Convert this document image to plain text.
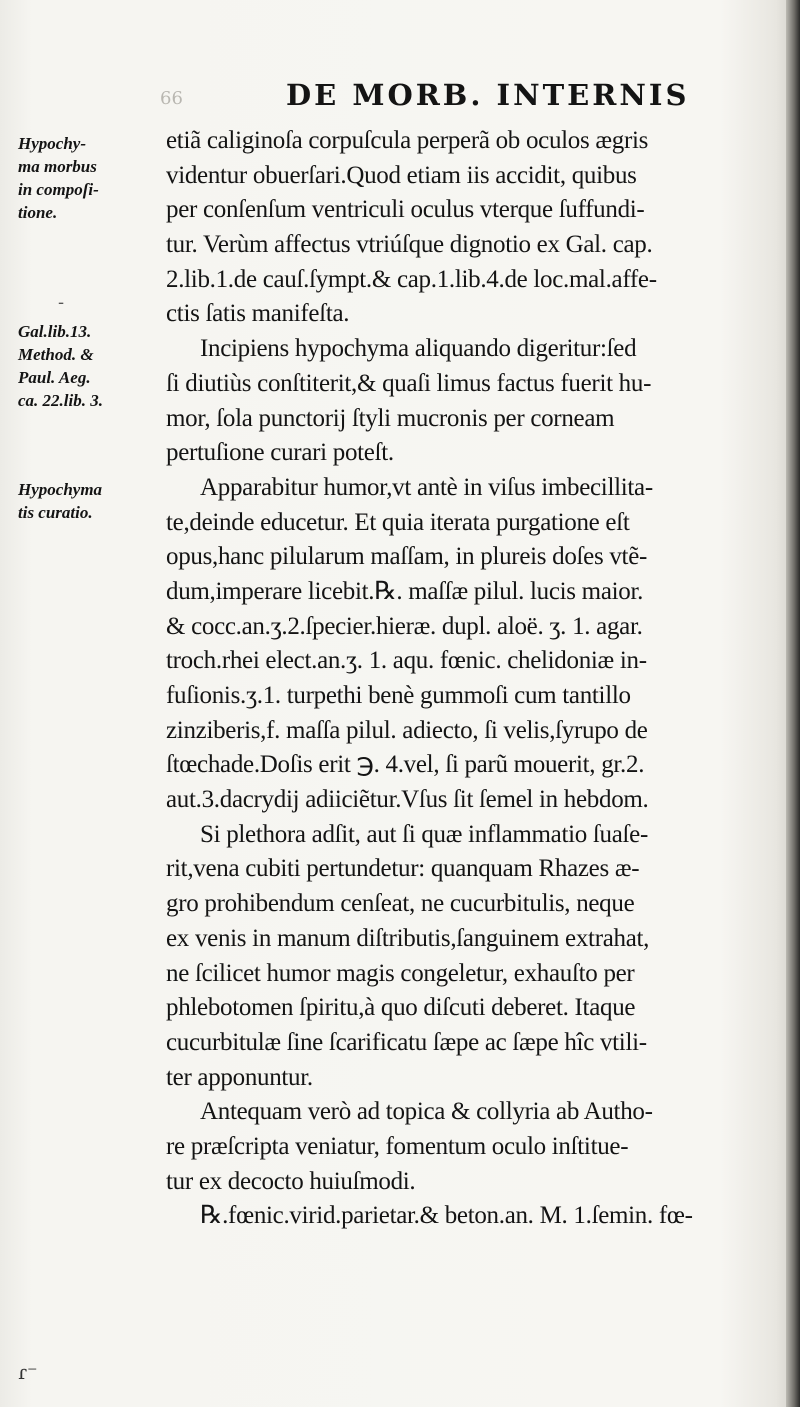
66	DE MORB. INTERNIS
Hypochy-
ma morbus
in compoſi-
tione.
Gal.lib.13.
Method. &
Paul. Aeg.
ca. 22.lib. 3.
Hypochyma
tis curatio.
-
etiã caliginoſa corpuſcula perperã ob oculos ægris
videntur obuerſari.Quod etiam iis accidit, quibus
per conſenſum ventriculi oculus vterque ſuffundi-
tur. Verùm affectus vtriúſque dignotio ex Gal. cap.
2.lib.1.de cauſ.ſympt.& cap.1.lib.4.de loc.mal.affe-
ctis ſatis manifeſta.
Incipiens hypochyma aliquando digeritur:ſed
ſi diutiùs conſtiterit,& quaſi limus factus fuerit hu-
mor, ſola punctorij ſtyli mucronis per corneam
pertuſione curari poteſt.
Apparabitur humor,vt antè in viſus imbecillita-
te,deinde educetur. Et quia iterata purgatione eſt
opus,hanc pilularum maſſam, in plureis doſes vtẽ-
dum,imperare licebit.℞. maſſæ pilul. lucis maior.
& cocc.an.ʒ.2.ſpecier.hieræ. dupl. aloë. ʒ. 1. agar.
troch.rhei elect.an.ʒ. 1. aqu. fœnic. chelidoniæ in-
fuſionis.ʒ.1. turpethi benè gummoſi cum tantillo
zinziberis,f. maſſa pilul. adiecto, ſi velis,ſyrupo de
ſtœchade.Doſis erit ℈. 4.vel, ſi parũ mouerit, gr.2.
aut.3.dacrydij adiiciẽtur.Vſus ſit ſemel in hebdom.
Si plethora adſit, aut ſi quæ inflammatio ſuaſe-
rit,vena cubiti pertundetur: quanquam Rhazes æ-
gro prohibendum cenſeat, ne cucurbitulis, neque
ex venis in manum diſtributis,ſanguinem extrahat,
ne ſcilicet humor magis congeletur, exhauſto per
phlebotomen ſpiritu,à quo diſcuti deberet. Itaque
cucurbitulæ ſine ſcarificatu ſæpe ac ſæpe hîc vtili-
ter apponuntur.
Antequam verò ad topica & collyria ab Autho-
re præſcripta veniatur, fomentum oculo inſtitue-
tur ex decocto huiuſmodi.
℞.fœnic.virid.parietar.& beton.an. M. 1.ſemin. fœ-
ɾ⁻
